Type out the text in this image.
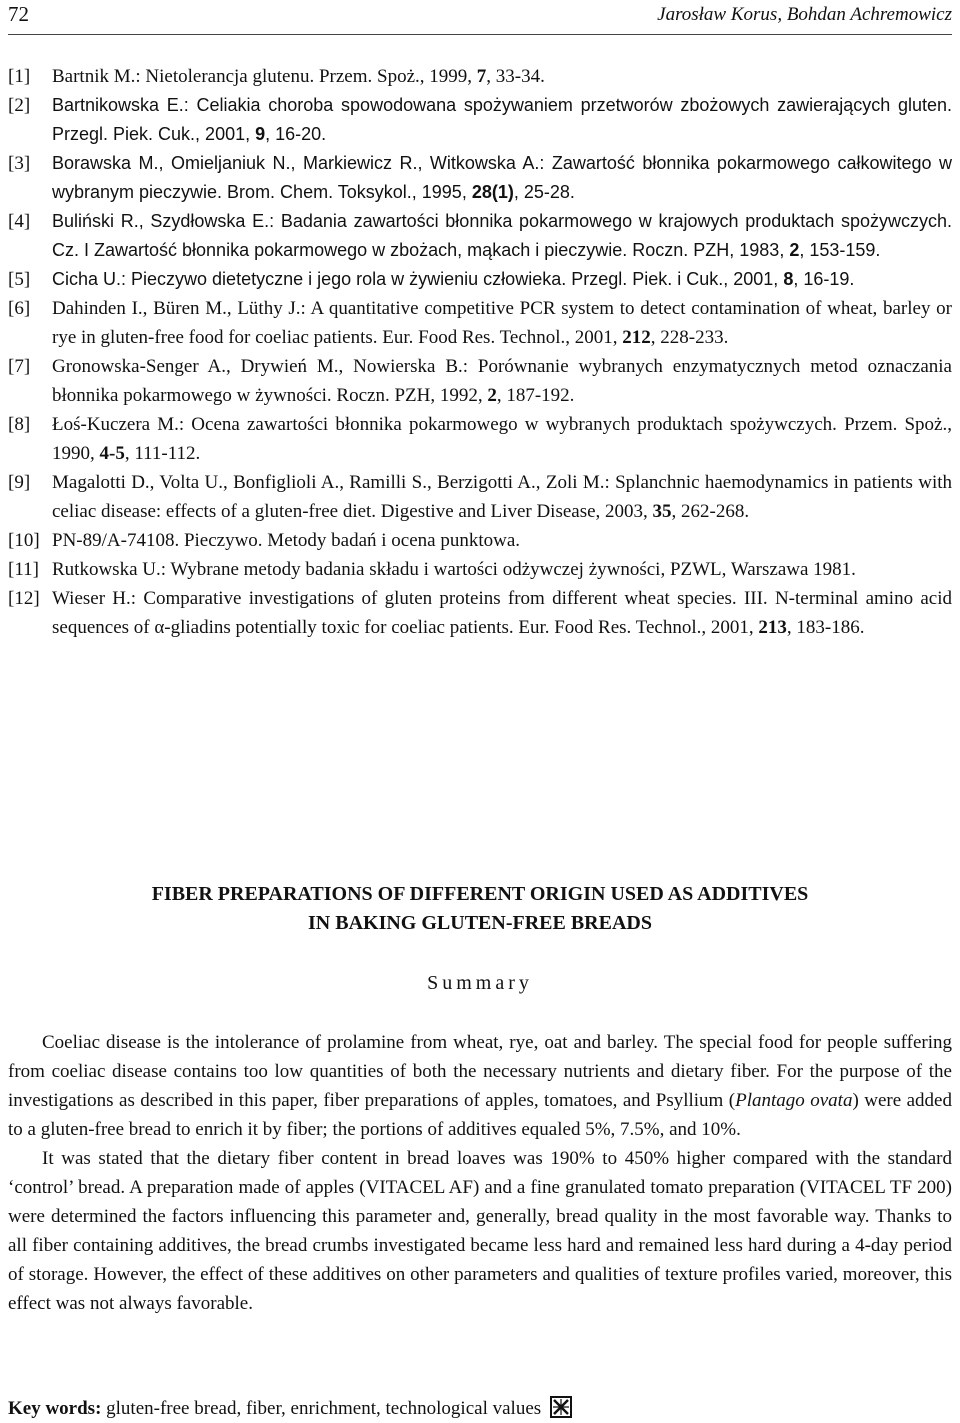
72	Jarosław Korus, Bohdan Achremowicz
[1]	Bartnik M.: Nietolerancja glutenu. Przem. Spoż., 1999, 7, 33-34.
[2]	Bartnikowska E.: Celiakia choroba spowodowana spożywaniem przetworów zbożowych zawierających gluten. Przegl. Piek. Cuk., 2001, 9, 16-20.
[3]	Borawska M., Omieljaniuk N., Markiewicz R., Witkowska A.: Zawartość błonnika pokarmowego całkowitego w wybranym pieczywie. Brom. Chem. Toksykol., 1995, 28(1), 25-28.
[4]	Buliński R., Szydłowska E.: Badania zawartości błonnika pokarmowego w krajowych produktach spożywczych. Cz. I Zawartość błonnika pokarmowego w zbożach, mąkach i pieczywie. Roczn. PZH, 1983, 2, 153-159.
[5]	Cicha U.: Pieczywo dietetyczne i jego rola w żywieniu człowieka. Przegl. Piek. i Cuk., 2001, 8, 16-19.
[6]	Dahinden I., Büren M., Lüthy J.: A quantitative competitive PCR system to detect contamination of wheat, barley or rye in gluten-free food for coeliac patients. Eur. Food Res. Technol., 2001, 212, 228-233.
[7]	Gronowska-Senger A., Drywień M., Nowierska B.: Porównanie wybranych enzymatycznych metod oznaczania błonnika pokarmowego w żywności. Roczn. PZH, 1992, 2, 187-192.
[8]	Łoś-Kuczera M.: Ocena zawartości błonnika pokarmowego w wybranych produktach spożywczych. Przem. Spoż., 1990, 4-5, 111-112.
[9]	Magalotti D., Volta U., Bonfiglioli A., Ramilli S., Berzigotti A., Zoli M.: Splanchnic haemodynamics in patients with celiac disease: effects of a gluten-free diet. Digestive and Liver Disease, 2003, 35, 262-268.
[10] PN-89/A-74108. Pieczywo. Metody badań i ocena punktowa.
[11] Rutkowska U.: Wybrane metody badania składu i wartości odżywczej żywności, PZWL, Warszawa 1981.
[12] Wieser H.: Comparative investigations of gluten proteins from different wheat species. III. N-terminal amino acid sequences of α-gliadins potentially toxic for coeliac patients. Eur. Food Res. Technol., 2001, 213, 183-186.
FIBER PREPARATIONS OF DIFFERENT ORIGIN USED AS ADDITIVES
IN BAKING GLUTEN-FREE BREADS
Summary

Coeliac disease is the intolerance of prolamine from wheat, rye, oat and barley. The special food for people suffering from coeliac disease contains too low quantities of both the necessary nutrients and dietary fiber. For the purpose of the investigations as described in this paper, fiber preparations of apples, tomatoes, and Psyllium (Plantago ovata) were added to a gluten-free bread to enrich it by fiber; the portions of additives equaled 5%, 7.5%, and 10%.

It was stated that the dietary fiber content in bread loaves was 190% to 450% higher compared with the standard ‘control’ bread. A preparation made of apples (VITACEL AF) and a fine granulated tomato preparation (VITACEL TF 200) were determined the factors influencing this parameter and, generally, bread quality in the most favorable way. Thanks to all fiber containing additives, the bread crumbs investigated became less hard and remained less hard during a 4-day period of storage. However, the effect of these additives on other parameters and qualities of texture profiles varied, moreover, this effect was not always favorable.

Key words: gluten-free bread, fiber, enrichment, technological values
